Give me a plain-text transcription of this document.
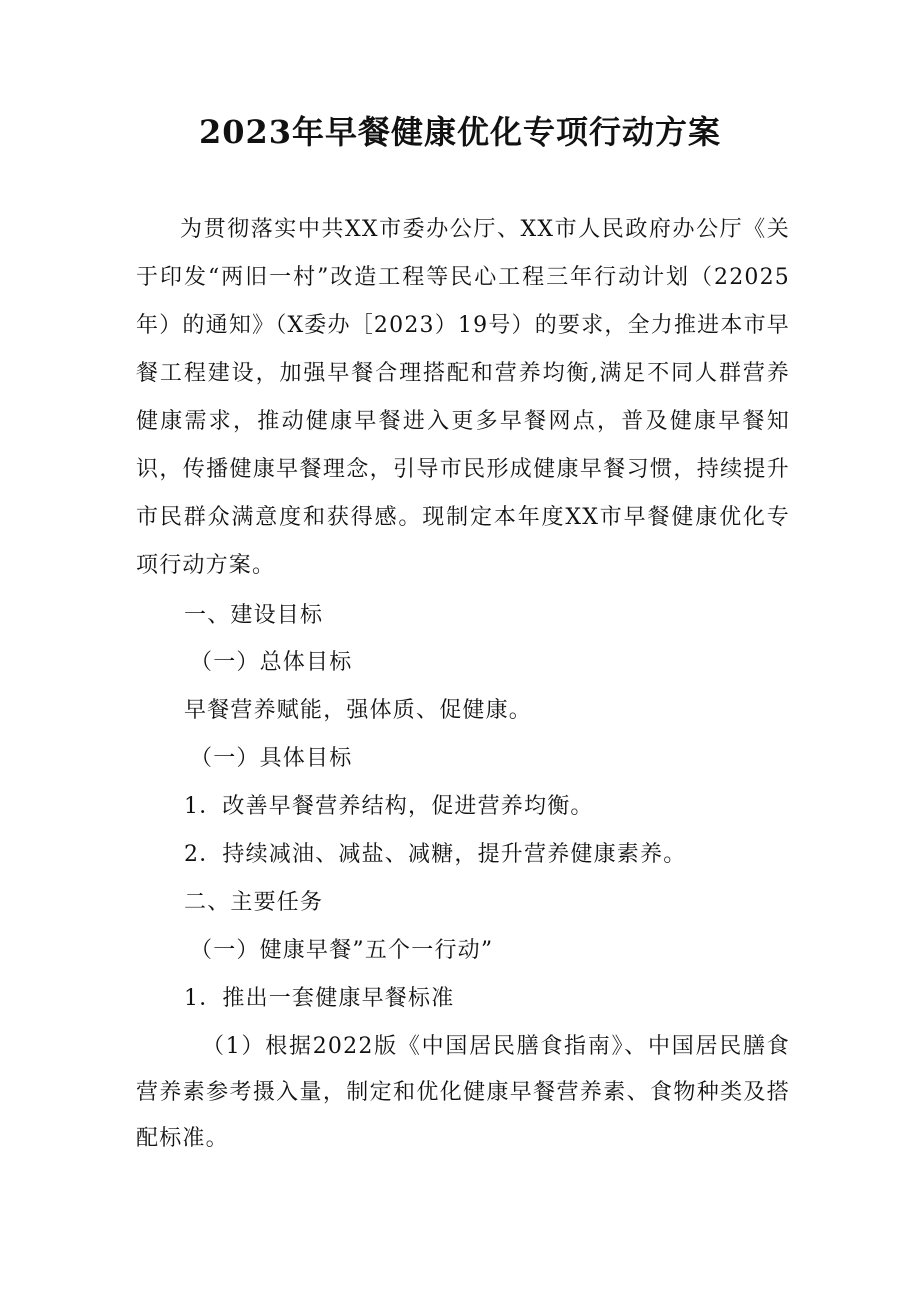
2023年早餐健康优化专项行动方案

为贯彻落实中共XX市委办公厅、XX市人民政府办公厅《关于印发“两旧一村”改造工程等民心工程三年行动计划（22025年）的通知》（X委办［2023）19号）的要求，全力推进本市早餐工程建设，加强早餐合理搭配和营养均衡,满足不同人群营养健康需求，推动健康早餐进入更多早餐网点，普及健康早餐知识，传播健康早餐理念，引导市民形成健康早餐习惯，持续提升市民群众满意度和获得感。现制定本年度XX市早餐健康优化专项行动方案。

一、建设目标

（一）总体目标

早餐营养赋能，强体质、促健康。

（一）具体目标

1．改善早餐营养结构，促进营养均衡。

2．持续减油、减盐、减糖，提升营养健康素养。

二、主要任务

（一）健康早餐”五个一行动”

1．推出一套健康早餐标准

（1）根据2022版《中国居民膳食指南》、中国居民膳食营养素参考摄入量，制定和优化健康早餐营养素、食物种类及搭配标准。
